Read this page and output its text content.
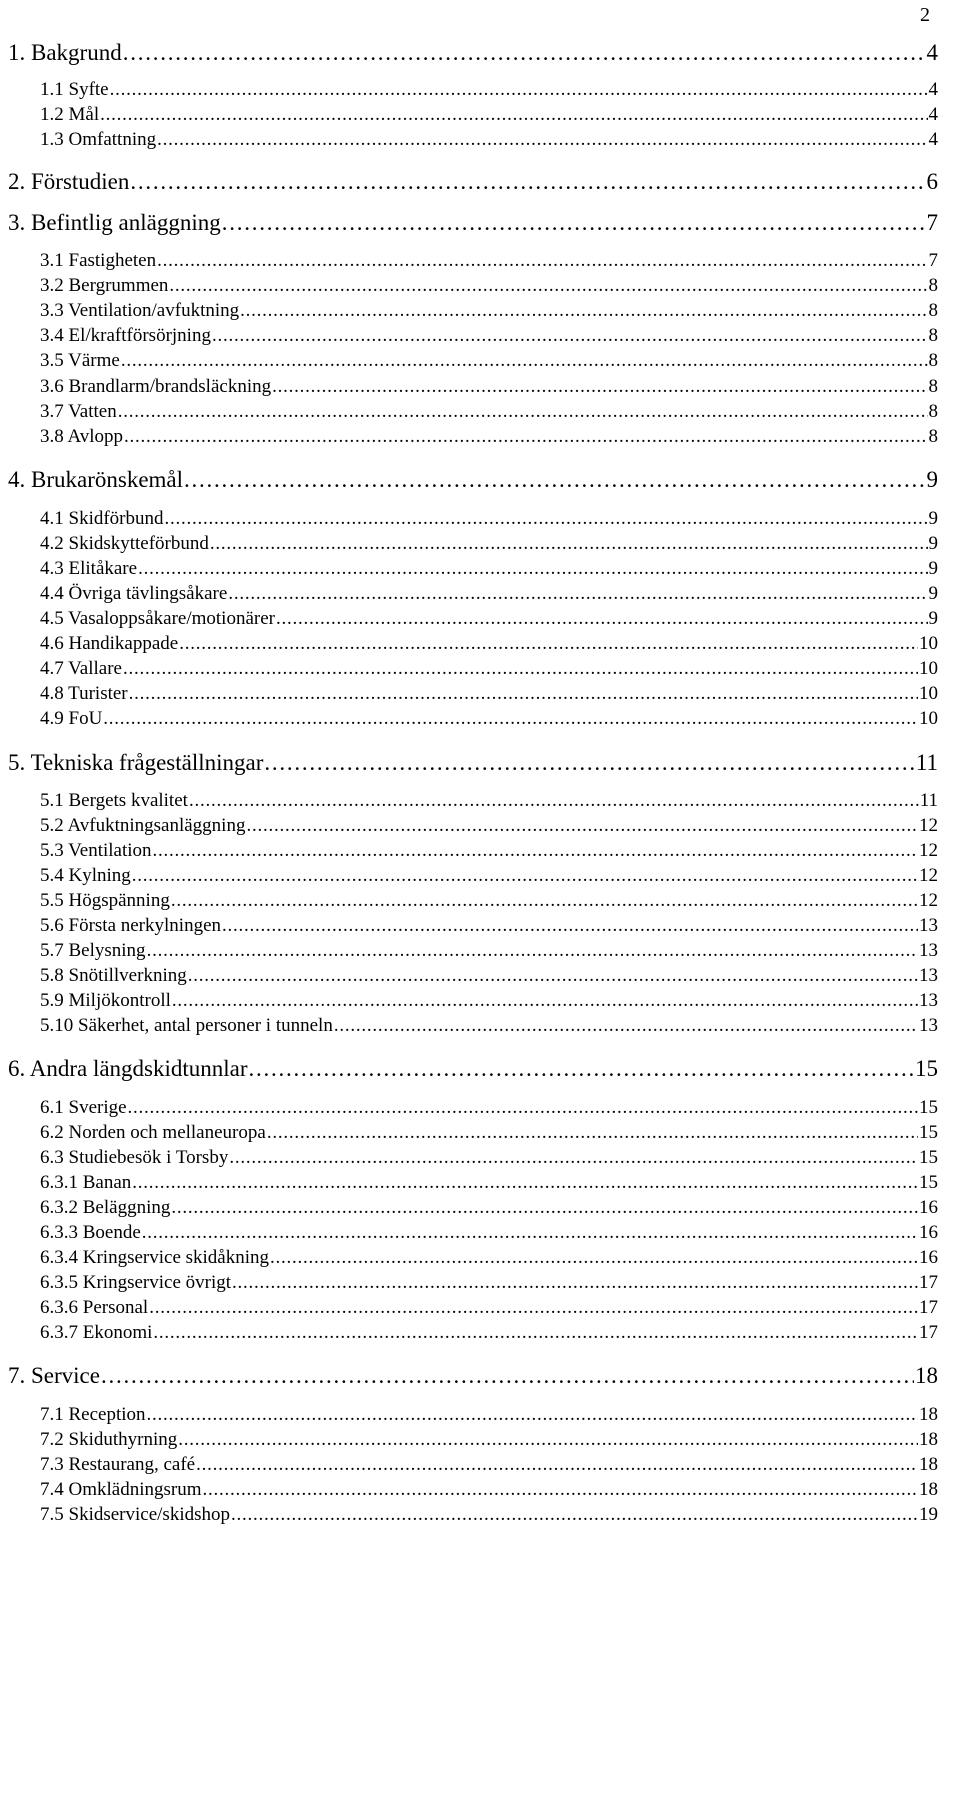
2
1. Bakgrund . . .	4
1.1 Syfte . . .	4
1.2 Mål . . .	4
1.3 Omfattning . . .	4
2. Förstudien . . .	6
3. Befintlig anläggning . . .	7
3.1 Fastigheten . . .	7
3.2 Bergrummen . . .	8
3.3 Ventilation/avfuktning . . .	8
3.4 El/kraftförsörjning . . .	8
3.5 Värme . . .	8
3.6 Brandlarm/brandsläckning . . .	8
3.7 Vatten . . .	8
3.8 Avlopp . . .	8
4. Brukarönskemål . . .	9
4.1 Skidförbund . . .	9
4.2 Skidskytteförbund . . .	9
4.3 Elitåkare . . .	9
4.4 Övriga tävlingsåkare . . .	9
4.5 Vasaloppsåkare/motionärer . . .	9
4.6 Handikappade . . .	10
4.7 Vallare . . .	10
4.8 Turister . . .	10
4.9 FoU . . .	10
5. Tekniska frågeställningar . . .	11
5.1 Bergets kvalitet . . .	11
5.2 Avfuktningsanläggning . . .	12
5.3 Ventilation . . .	12
5.4 Kylning . . .	12
5.5 Högspänning . . .	12
5.6 Första nerkylningen . . .	13
5.7 Belysning . . .	13
5.8 Snötillverkning . . .	13
5.9 Miljökontroll . . .	13
5.10 Säkerhet, antal personer i tunneln . . .	13
6. Andra längdskidtunnlar . . .	15
6.1 Sverige . . .	15
6.2 Norden och mellaneuropa . . .	15
6.3 Studiebesök i Torsby . . .	15
6.3.1 Banan . . .	15
6.3.2 Beläggning . . .	16
6.3.3 Boende . . .	16
6.3.4 Kringservice skidåkning . . .	16
6.3.5 Kringservice övrigt . . .	17
6.3.6 Personal . . .	17
6.3.7 Ekonomi . . .	17
7. Service . . .	18
7.1 Reception . . .	18
7.2 Skiduthyrning . . .	18
7.3 Restaurang, café . . .	18
7.4 Omklädningsrum . . .	18
7.5 Skidservice/skidshop . . .	19
